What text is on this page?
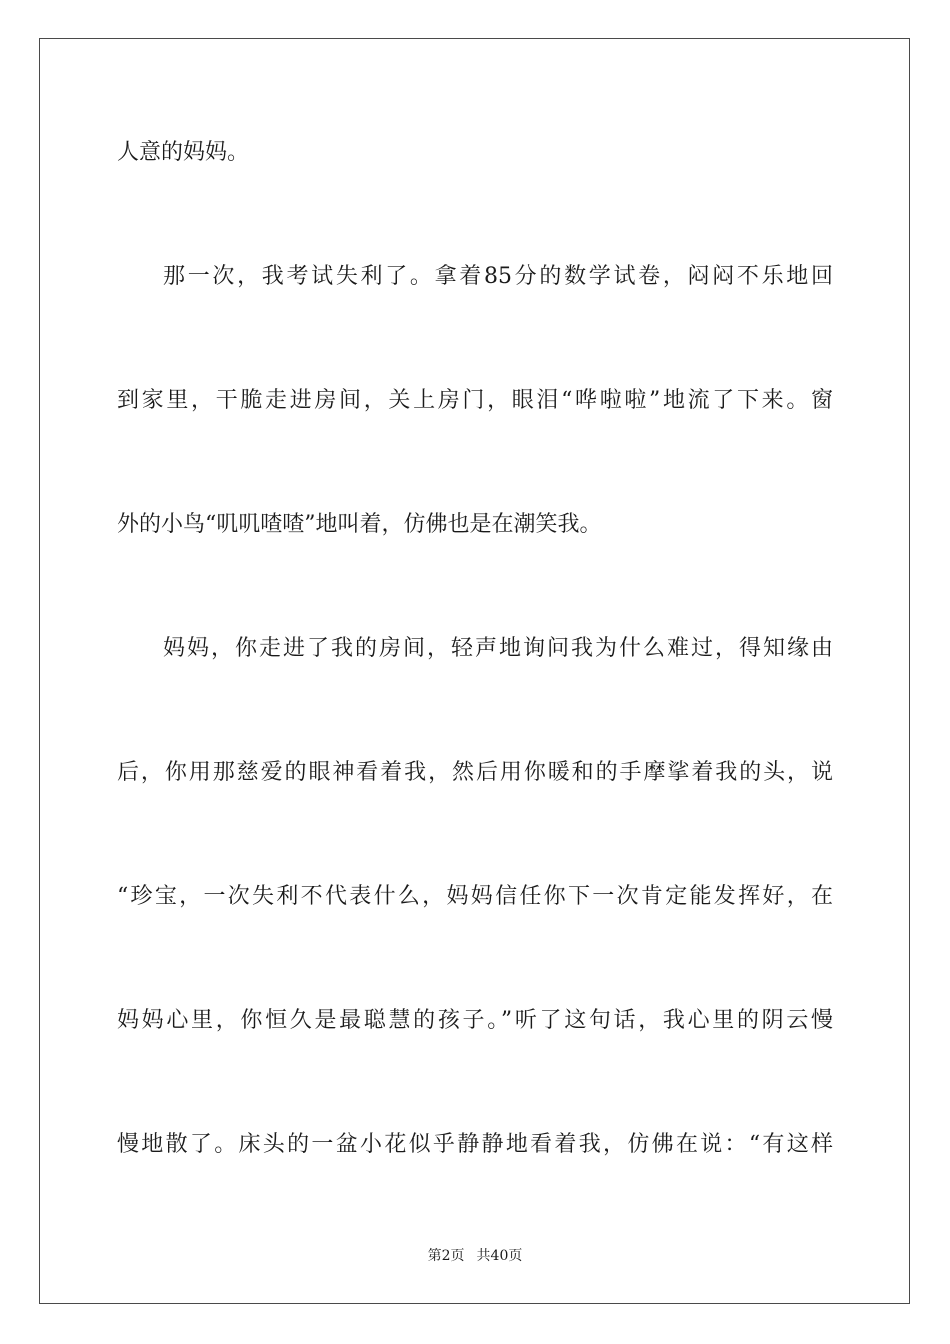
人意的妈妈。
那一次，我考试失利了。拿着85分的数学试卷，闷闷不乐地回
到家里，干脆走进房间，关上房门，眼泪“哗啦啦”地流了下来。窗
外的小鸟“叽叽喳喳”地叫着，仿佛也是在潮笑我。
妈妈，你走进了我的房间，轻声地询问我为什么难过，得知缘由
后，你用那慈爱的眼神看着我，然后用你暖和的手摩挲着我的头，说
“珍宝，一次失利不代表什么，妈妈信任你下一次肯定能发挥好，在
妈妈心里，你恒久是最聪慧的孩子。”听了这句话，我心里的阴云慢
慢地散了。床头的一盆小花似乎静静地看着我，仿佛在说：“有这样
第2页 共40页
